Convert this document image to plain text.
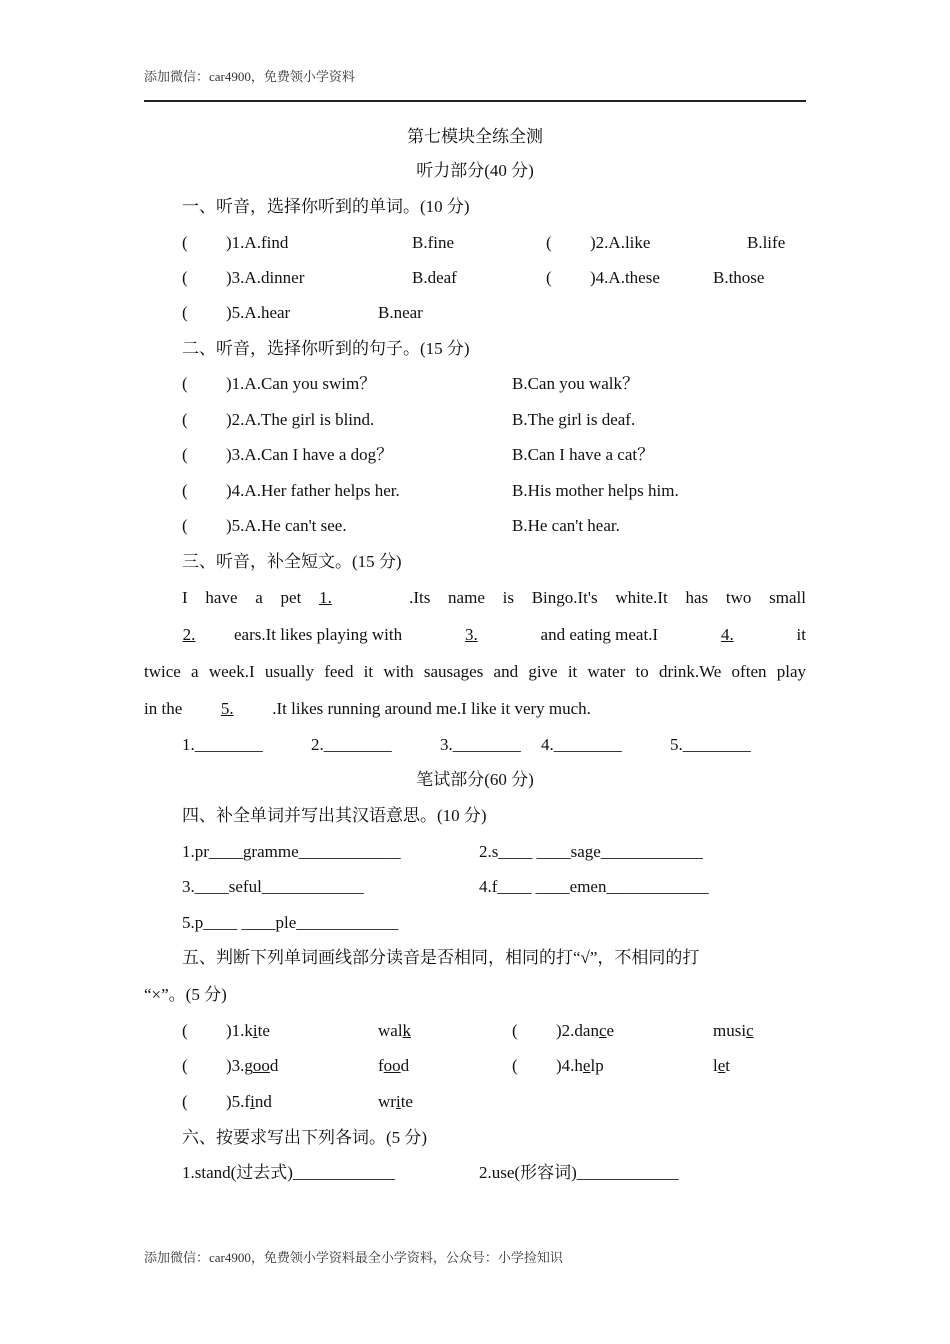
添加微信：car4900，免费领小学资料
第七模块全练全测
听力部分(40 分)
一、听音，选择你听到的单词。(10 分)
( )1.A.find	B.fine	( )2.A.like	B.life
( )3.A.dinner	B.deaf	( )4.A.these	B.those
( )5.A.hear	B.near
二、听音，选择你听到的句子。(15 分)
( )1.A.Can you swim？	B.Can you walk？
( )2.A.The girl is blind.	B.The girl is deaf.
( )3.A.Can I have a dog？	B.Can I have a cat？
( )4.A.Her father helps her.	B.His mother helps him.
( )5.A.He can't see.	B.He can't hear.
三、听音，补全短文。(15 分)
I have a pet 1.	.Its name is Bingo.It's white.It has two small
2. ears.It likes playing with	3.	and eating meat.I	4.	it
twice a week.I usually feed it with sausages and give it water to drink.We often play
in the 5. .It likes running around me.I like it very much.
1.________	2.________	3.________ 4.________	5.________
笔试部分(60 分)
四、补全单词并写出其汉语意思。(10 分)
1.pr____gramme____________	2.s____ ____sage____________
3.____seful____________	4.f____ ____emen____________
5.p____ ____ple____________
五、判断下列单词画线部分读音是否相同，相同的打“√”，不相同的打
“×”。(5 分)
( )1.kite	walk	( )2.dance	music
( )3.good	food	( )4.help	let
( )5.find	write
六、按要求写出下列各词。(5 分)
1.stand(过去式)____________	2.use(形容词)____________
添加微信：car4900，免费领小学资料最全小学资料，公众号：小学捡知识
